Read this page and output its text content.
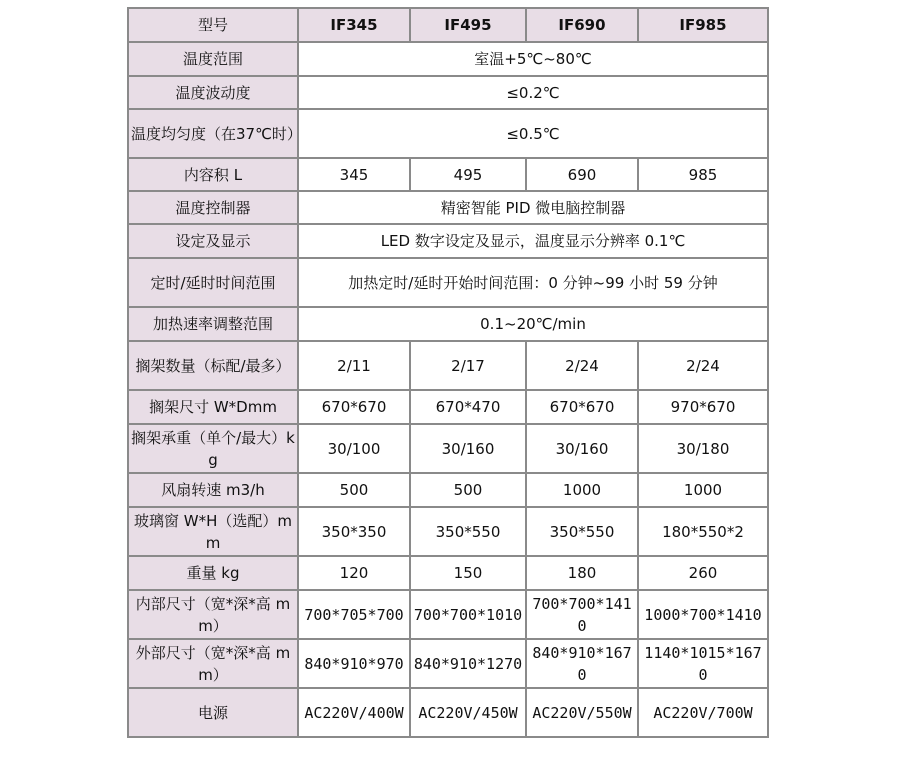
型号	IF345	IF495	IF690	IF985
温度范围	室温+5℃~80℃			
温度波动度	≤0.2℃			
温度均匀度（在37℃时）	≤0.5℃			
内容积 L	345	495	690	985
温度控制器	精密智能 PID 微电脑控制器			
设定及显示	LED 数字设定及显示，温度显示分辨率 0.1℃			
定时/延时时间范围	加热定时/延时开始时间范围：0 分钟~99 小时 59 分钟			
加热速率调整范围	0.1~20℃/min			
搁架数量（标配/最多）	2/11	2/17	2/24	2/24
搁架尺寸 W*Dmm	670*670	670*470	670*670	970*670
搁架承重（单个/最大）kg	30/100	30/160	30/160	30/180
风扇转速 m3/h	500	500	1000	1000
玻璃窗 W*H（选配）mm	350*350	350*550	350*550	180*550*2
重量 kg	120	150	180	260
内部尺寸（宽*深*高 mm）	700*705*700	700*700*1010	700*700*1410	1000*700*1410
外部尺寸（宽*深*高 mm）	840*910*970	840*910*1270	840*910*1670	1140*1015*1670
电源	AC220V/400W	AC220V/450W	AC220V/550W	AC220V/700W
